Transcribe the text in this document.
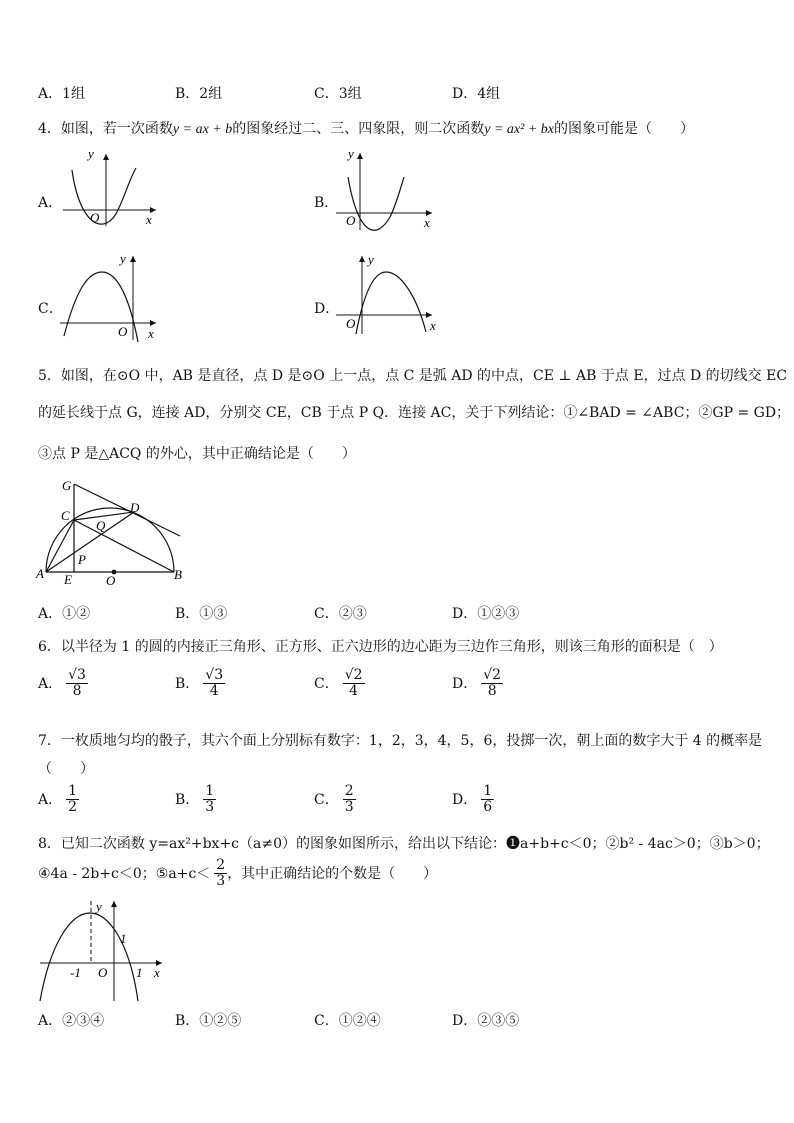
A．1组	B．2组	C．3组	D．4组
4．如图，若一次函数y = ax + b的图象经过二、三、四象限，则二次函数y = ax² + bx的图象可能是（　　）
A．
y
O	x
B．
y
O	x
C．
y
O x
D．
y
O	x
5．如图，在⊙O 中，AB 是直径，点 D 是⊙O 上一点，点 C 是弧 AD 的中点，CE ⊥ AB 于点 E，过点 D 的切线交 EC
的延长线于点 G，连接 AD，分别交 CE，CB 于点 P Q．连接 AC，关于下列结论：①∠BAD = ∠ABC；②GP = GD；
③点 P 是△ACQ 的外心，其中正确结论是（　　）
G
C
D
Q
P
A E	O	B
A．①②	B．①③	C．②③	D．①②③
6．以半径为 1 的圆的内接正三角形、正方形、正六边形的边心距为三边作三角形，则该三角形的面积是（　）
A． $\frac{√3}{8}$	B． $\frac{√3}{4}$	C． $\frac{√2}{4}$	D． $\frac{√2}{8}$
7．一枚质地匀均的骰子，其六个面上分别标有数字：1，2，3，4，5，6，投掷一次，朝上面的数字大于 4 的概率是
（　　）
A． $\frac{1}{2}$	B． $\frac{1}{3}$	C． $\frac{2}{3}$	D． $\frac{1}{6}$
8．已知二次函数 y=ax²+bx+c（a≠0）的图象如图所示，给出以下结论：❶a+b+c＜0；②b² - 4ac＞0；③b＞0；
④4a - 2b+c＜0；⑤a+c＜ $\frac{2}{3}$ ，其中正确结论的个数是（　　）
y
1
-1 O 1 x
A．②③④	B．①②⑤	C．①②④	D．②③⑤
